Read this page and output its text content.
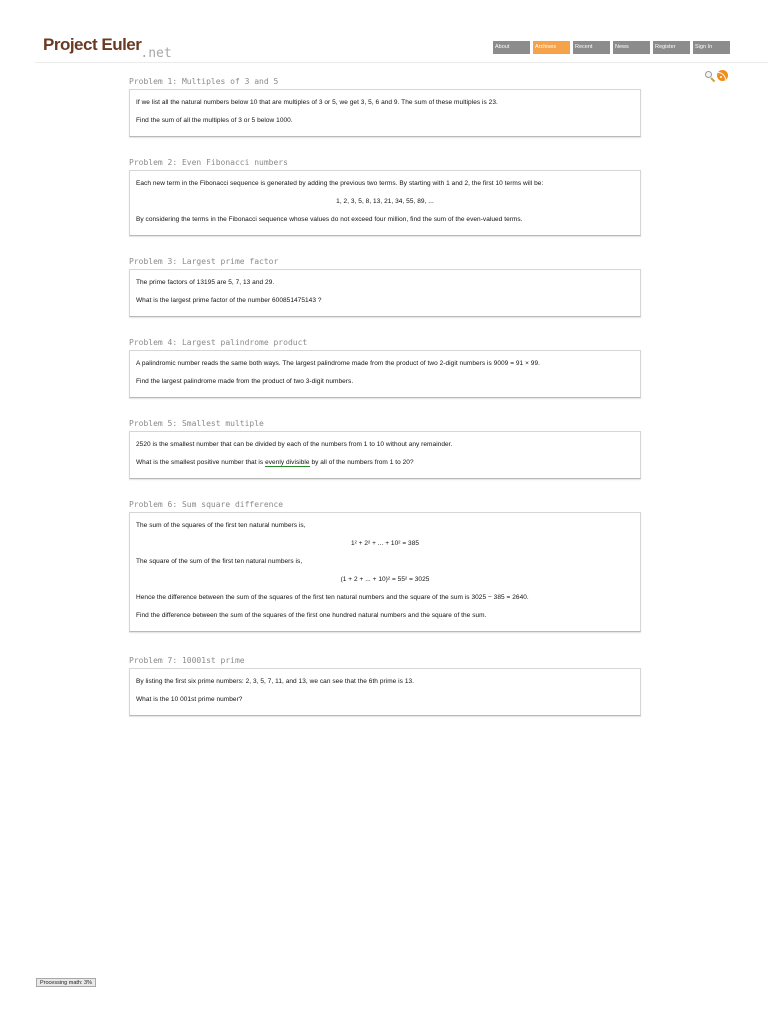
Project Euler$_{.net}$	About	Archives	Recent	News	Register	Sign In
Problem 1: Multiples of 3 and 5

If we list all the natural numbers below 10 that are multiples of 3 or 5, we get 3, 5, 6 and 9. The sum of these multiples is 23.

Find the sum of all the multiples of 3 or 5 below 1000.

Problem 2: Even Fibonacci numbers

Each new term in the Fibonacci sequence is generated by adding the previous two terms. By starting with 1 and 2, the first 10 terms will be:

1, 2, 3, 5, 8, 13, 21, 34, 55, 89, ...

By considering the terms in the Fibonacci sequence whose values do not exceed four million, find the sum of the even-valued terms.

Problem 3: Largest prime factor

The prime factors of 13195 are 5, 7, 13 and 29.

What is the largest prime factor of the number 600851475143 ?

Problem 4: Largest palindrome product

A palindromic number reads the same both ways. The largest palindrome made from the product of two 2-digit numbers is 9009 = 91 × 99.

Find the largest palindrome made from the product of two 3-digit numbers.

Problem 5: Smallest multiple

2520 is the smallest number that can be divided by each of the numbers from 1 to 10 without any remainder.

What is the smallest positive number that is evenly divisible by all of the numbers from 1 to 20?

Problem 6: Sum square difference

The sum of the squares of the first ten natural numbers is,

1² + 2² + ... + 10² = 385

The square of the sum of the first ten natural numbers is,

(1 + 2 + ... + 10)² = 55² = 3025

Hence the difference between the sum of the squares of the first ten natural numbers and the square of the sum is 3025 − 385 = 2640.

Find the difference between the sum of the squares of the first one hundred natural numbers and the square of the sum.

Problem 7: 10001st prime

By listing the first six prime numbers: 2, 3, 5, 7, 11, and 13, we can see that the 6th prime is 13.

What is the 10 001st prime number?

Processing math: 3%
